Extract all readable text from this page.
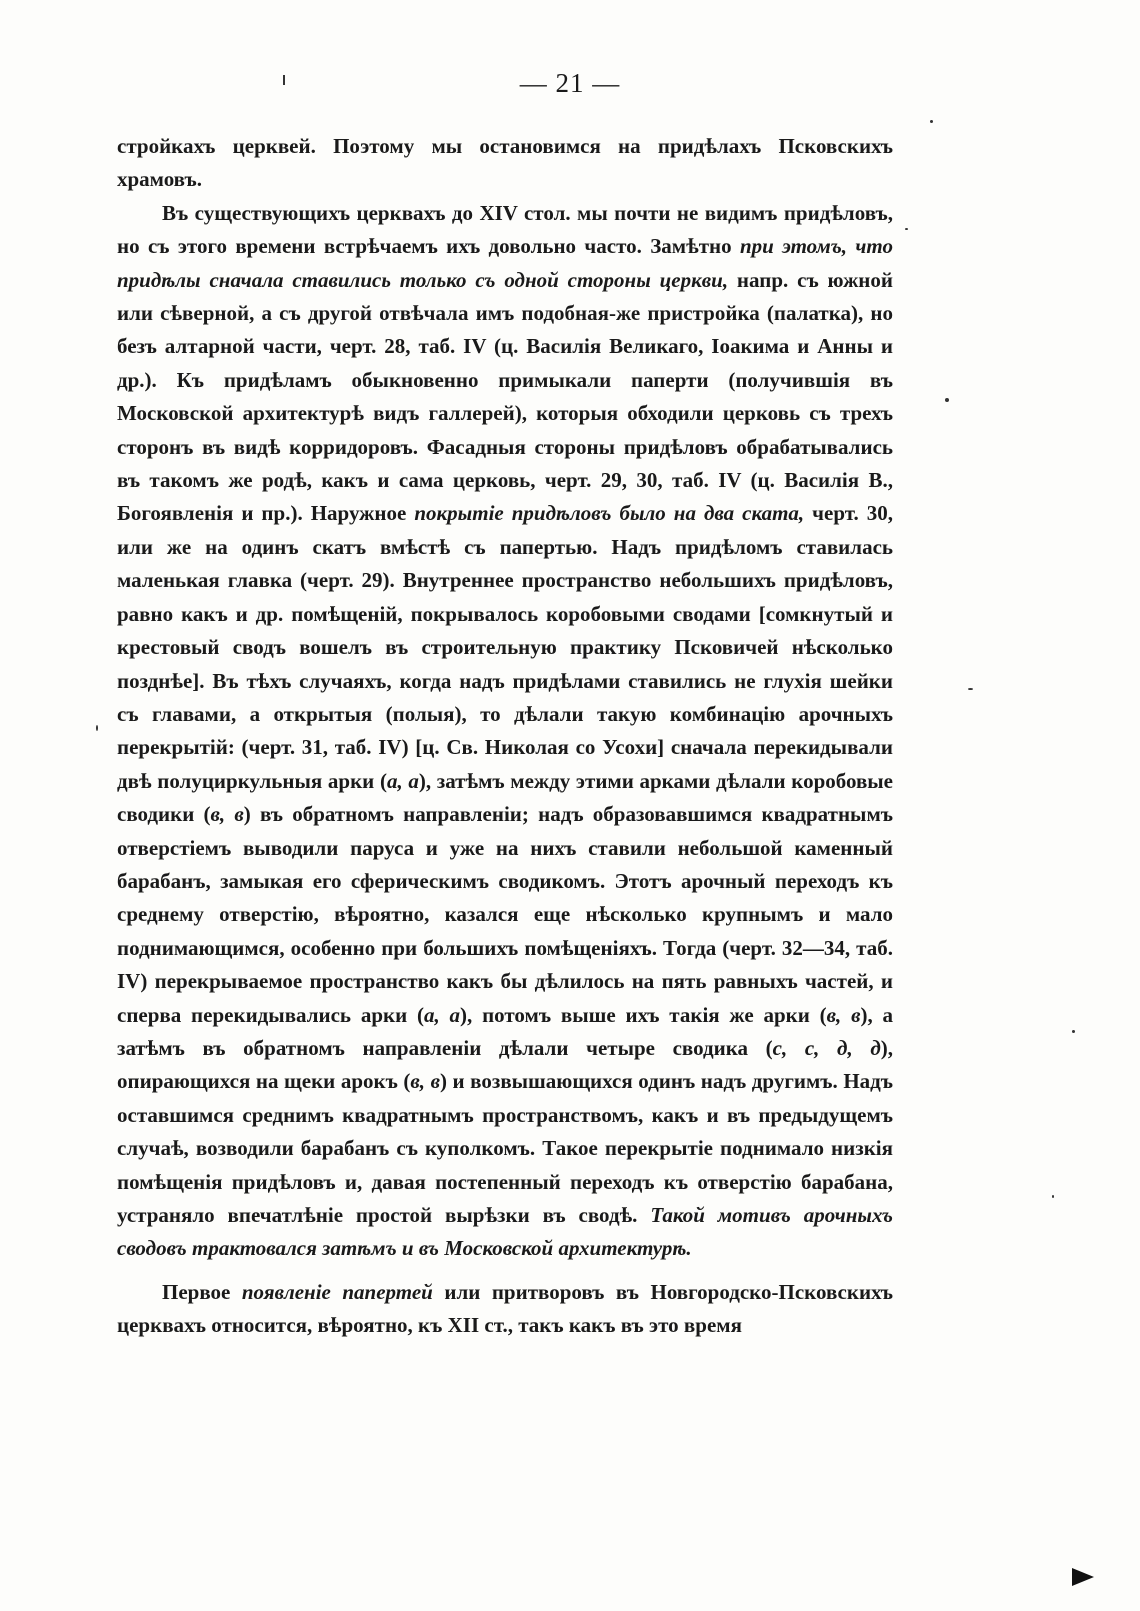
— 21 —

стройкахъ церквей. Поэтому мы остановимся на придѣлахъ Псковскихъ храмовъ.

Въ существующихъ церквахъ до XIV стол. мы почти не видимъ придѣловъ, но съ этого времени встрѣчаемъ ихъ довольно часто. Замѣтно при этомъ, что придѣлы сначала ставились только съ одной стороны церкви, напр. съ южной или сѣверной, а съ другой отвѣчала имъ подобная-же пристройка (палатка), но безъ алтарной части, черт. 28, таб. IV (ц. Василія Великаго, Іоакима и Анны и др.). Къ придѣламъ обыкновенно примыкали паперти (получившія въ Московской архитектурѣ видъ галлерей), которыя обходили церковь съ трехъ сторонъ въ видѣ корридоровъ. Фасадныя стороны придѣловъ обрабатывались въ такомъ же родѣ, какъ и сама церковь, черт. 29, 30, таб. IV (ц. Василія В., Богоявленія и пр.). Наружное покрытіе придѣловъ было на два ската, черт. 30, или же на одинъ скатъ вмѣстѣ съ папертью. Надъ придѣломъ ставилась маленькая главка (черт. 29). Внутреннее пространство небольшихъ придѣловъ, равно какъ и др. помѣщеній, покрывалось коробовыми сводами [сомкнутый и крестовый сводъ вошелъ въ строительную практику Псковичей нѣсколько позднѣе]. Въ тѣхъ случаяхъ, когда надъ придѣлами ставились не глухія шейки съ главами, а открытыя (полыя), то дѣлали такую комбинацію арочныхъ перекрытій: (черт. 31, таб. IV) [ц. Св. Николая со Усохи] сначала перекидывали двѣ полуциркульныя арки (а, а), затѣмъ между этими арками дѣлали коробовые сводики (в, в) въ обратномъ направленіи; надъ образовавшимся квадратнымъ отверстіемъ выводили паруса и уже на нихъ ставили небольшой каменный барабанъ, замыкая его сферическимъ сводикомъ. Этотъ арочный переходъ къ среднему отверстію, вѣроятно, казался еще нѣсколько крупнымъ и мало поднимающимся, особенно при большихъ помѣщеніяхъ. Тогда (черт. 32—34, таб. IV) перекрываемое пространство какъ бы дѣлилось на пять равныхъ частей, и сперва перекидывались арки (а, а), потомъ выше ихъ такія же арки (в, в), а затѣмъ въ обратномъ направленіи дѣлали четыре сводика (с, с, д, д), опирающихся на щеки арокъ (в, в) и возвышающихся одинъ надъ другимъ. Надъ оставшимся среднимъ квадратнымъ пространствомъ, какъ и въ предыдущемъ случаѣ, возводили барабанъ съ куполкомъ. Такое перекрытіе поднимало низкія помѣщенія придѣловъ и, давая постепенный переходъ къ отверстію барабана, устраняло впечатлѣніе простой вырѣзки въ сводѣ. Такой мотивъ арочныхъ сводовъ трактовался затѣмъ и въ Московской архитектурѣ.

Первое появленіе папертей или притворовъ въ Новгородско-Псковскихъ церквахъ относится, вѣроятно, къ XII ст., такъ какъ въ это время
